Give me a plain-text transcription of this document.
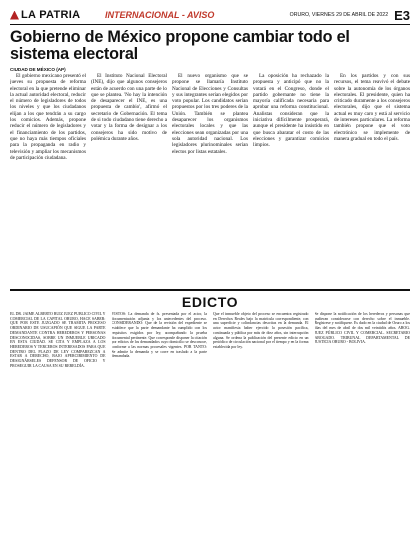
LA PATRIA	INTERNACIONAL - AVISO	ORURO, VIERNES 29 DE ABRIL DE 2022 E3
Gobierno de México propone cambiar todo el sistema electoral
CIUDAD DE MÉXICO (AP)

El gobierno mexicano presentó el jueves su propuesta de reforma electoral en la que pretende eliminar la actual autoridad electoral, reducir el número de legisladores de todos los niveles y que los ciudadanos elijan a los que tendrán a su cargo los comicios. Además, propone reducir el número de legisladores y el financiamiento de los partidos, que no haya más tiempos oficiales para la propaganda en radio y televisión y ampliar los mecanismos de participación ciudadana.

El Instituto Nacional Electoral (INE), dijo que algunos consejeros están de acuerdo con una parte de lo que se plantea. 'No hay la intención de desaparecer el INE, es una propuesta de cambio', afirmó el secretario de Gobernación. El tema de si todo ciudadano tiene derecho a votar y la forma de designar a los consejeros ha sido motivo de polémica durante años.

El nuevo organismo que se propone se llamaría Instituto Nacional de Elecciones y Consultas y sus integrantes serían elegidos por voto popular. Los candidatos serían propuestos por los tres poderes de la Unión. También se plantea desaparecer los organismos electorales locales y que las elecciones sean organizadas por una sola autoridad nacional. Los legisladores plurinominales serían electos por listas estatales.

La oposición ha rechazado la propuesta y anticipó que no la votará en el Congreso, donde el partido gobernante no tiene la mayoría calificada necesaria para aprobar una reforma constitucional. Analistas consideran que la iniciativa difícilmente prosperará, aunque el presidente ha insistido en que busca abaratar el costo de las elecciones y garantizar comicios limpios.

En los partidos y con sus recursos, el tema reavivó el debate sobre la autonomía de los órganos electorales. El presidente, quien ha criticado duramente a los consejeros electorales, dijo que el sistema actual es muy caro y está al servicio de intereses particulares. La reforma también propone que el voto electrónico se implemente de manera gradual en todo el país.

EDICTO

EL DR. JAIME ALBERTO RUIZ JUEZ PÚBLICO CIVIL Y COMERCIAL DE LA CAPITAL ORURO, HACE SABER: QUE POR ESTE JUZGADO SE TRAMITA PROCESO ORDINARIO DE USUCAPIÓN QUE SIGUE LA PARTE DEMANDANTE CONTRA HEREDEROS Y PERSONAS DESCONOCIDAS, SOBRE UN INMUEBLE UBICADO EN ESTA CIUDAD. SE CITA Y EMPLAZA A LOS HEREDEROS Y TERCEROS INTERESADOS PARA QUE DENTRO DEL PLAZO DE LEY COMPAREZCAN A ESTAR A DERECHO, BAJO APERCIBIMIENTO DE DESIGNÁRSELES DEFENSOR DE OFICIO Y PROSEGUIR LA CAUSA EN SU REBELDÍA.

VISTOS: La demanda de fs. presentada por el actor, la documentación adjunta y los antecedentes del proceso. CONSIDERANDO: Que de la revisión del expediente se establece que la parte demandante ha cumplido con los requisitos exigidos por ley, acompañando la prueba documental pertinente. Que corresponde disponer la citación por edictos de los demandados cuyo domicilio se desconoce, conforme a las normas procesales vigentes. POR TANTO: Se admite la demanda y se corre en traslado a la parte demandada.

Que el inmueble objeto del proceso se encuentra registrado en Derechos Reales bajo la matrícula correspondiente, con una superficie y colindancias descritas en la demanda. El actor manifiesta haber ejercido la posesión pacífica, continuada y pública por más de diez años, sin interrupción alguna. Se ordena la publicación del presente edicto en un periódico de circulación nacional por el tiempo y en la forma establecida por ley.

Se dispone la notificación de los herederos y personas que pudieran considerarse con derecho sobre el inmueble. Regístrese y notifíquese. Es dado en la ciudad de Oruro a los días del mes de abril de dos mil veintidós años. ABOG. JUEZ PÚBLICO CIVIL Y COMERCIAL. SECRETARIO ABOGADO. TRIBUNAL DEPARTAMENTAL DE JUSTICIA ORURO - BOLIVIA.
